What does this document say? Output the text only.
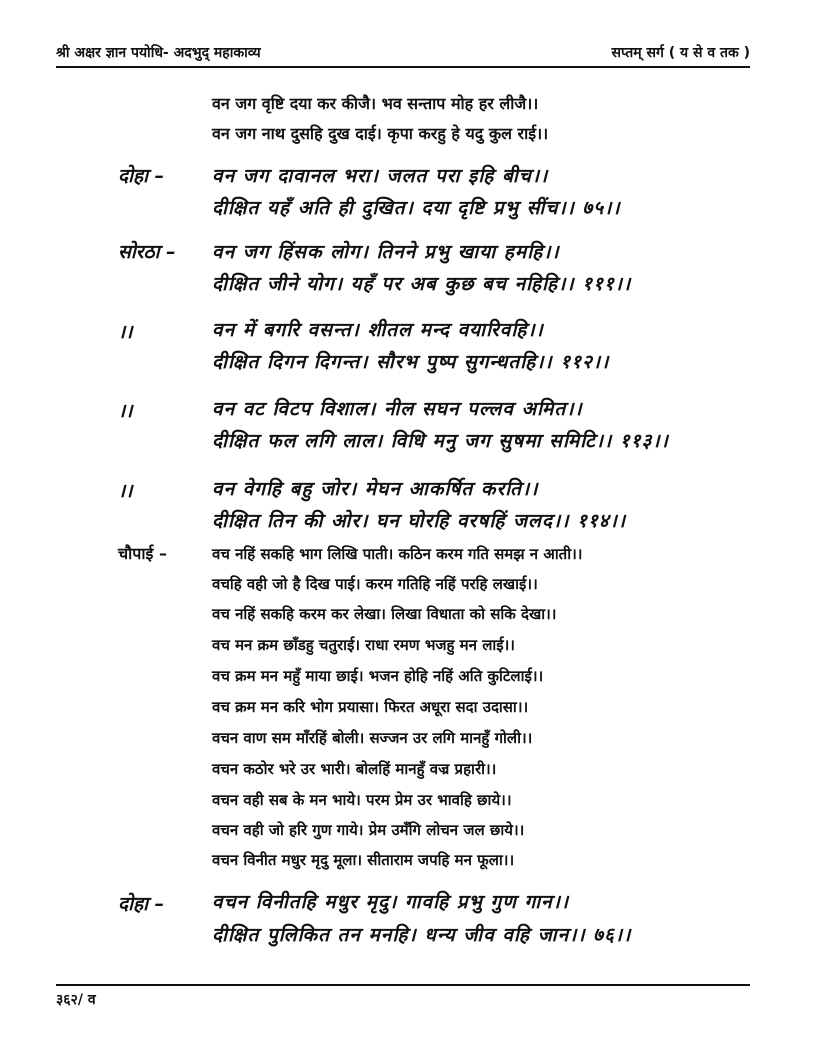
श्री अक्षर ज्ञान पयोधि- अदभुद् महाकाव्य	सप्तम् सर्ग ( य से व तक )
वन जग वृष्टि दया कर कीजै। भव सन्ताप मोह हर लीजै।।
वन जग नाथ दुसहि दुख दाई। कृपा करहु हे यदु कुल राई।।
दोहा –	वन जग दावानल भरा। जलत परा इहि बीच।।
दीक्षित यहँ अति ही दुखित। दया दृष्टि प्रभु सींच।। ७५।।
सोरठा – वन जग हिंसक लोग। तिनने प्रभु खाया हमहि।।
दीक्षित जीने योग। यहँ पर अब कुछ बच नहिहि।। १११।।
।।	वन में बगरि वसन्त। शीतल मन्द वयारिवहि।।
दीक्षित दिगन दिगन्त। सौरभ पुष्प सुगन्धतहि।। ११२।।
।।	वन वट विटप विशाल। नील सघन पल्लव अमित।।
दीक्षित फल लगि लाल। विधि मनु जग सुषमा समिटि।। ११३।।
।।	वन वेगहि बहु जोर। मेघन आकर्षित करति।।
दीक्षित तिन की ओर। घन घोरहि वरषहिं जलद।। ११४।।
चौपाई –	वच नहिं सकहि भाग लिखि पाती। कठिन करम गति समझ न आती।।
वचहि वही जो है दिख पाई। करम गतिहि नहिं परहि लखाई।।
वच नहिं सकहि करम कर लेखा। लिखा विधाता को सकि देखा।।
वच मन क्रम छाँडहु चतुराई। राधा रमण भजहु मन लाई।।
वच क्रम मन महुँ माया छाई। भजन होहि नहिं अति कुटिलाई।।
वच क्रम मन करि भोग प्रयासा। फिरत अधूरा सदा उदासा।।
वचन वाण सम माँरहिं बोली। सज्जन उर लगि मानहुँ गोली।।
वचन कठोर भरे उर भारी। बोलहिं मानहुँ वज्र प्रहारी।।
वचन वही सब के मन भाये। परम प्रेम उर भावहि छाये।।
वचन वही जो हरि गुण गाये। प्रेम उमँगि लोचन जल छाये।।
वचन विनीत मधुर मृदु मूला। सीताराम जपहि मन फूला।।
दोहा –	वचन विनीतहि मधुर मृदु। गावहि प्रभु गुण गान।।
दीक्षित पुलिकित तन मनहि। धन्य जीव वहि जान।। ७६।।
३६२/ व
